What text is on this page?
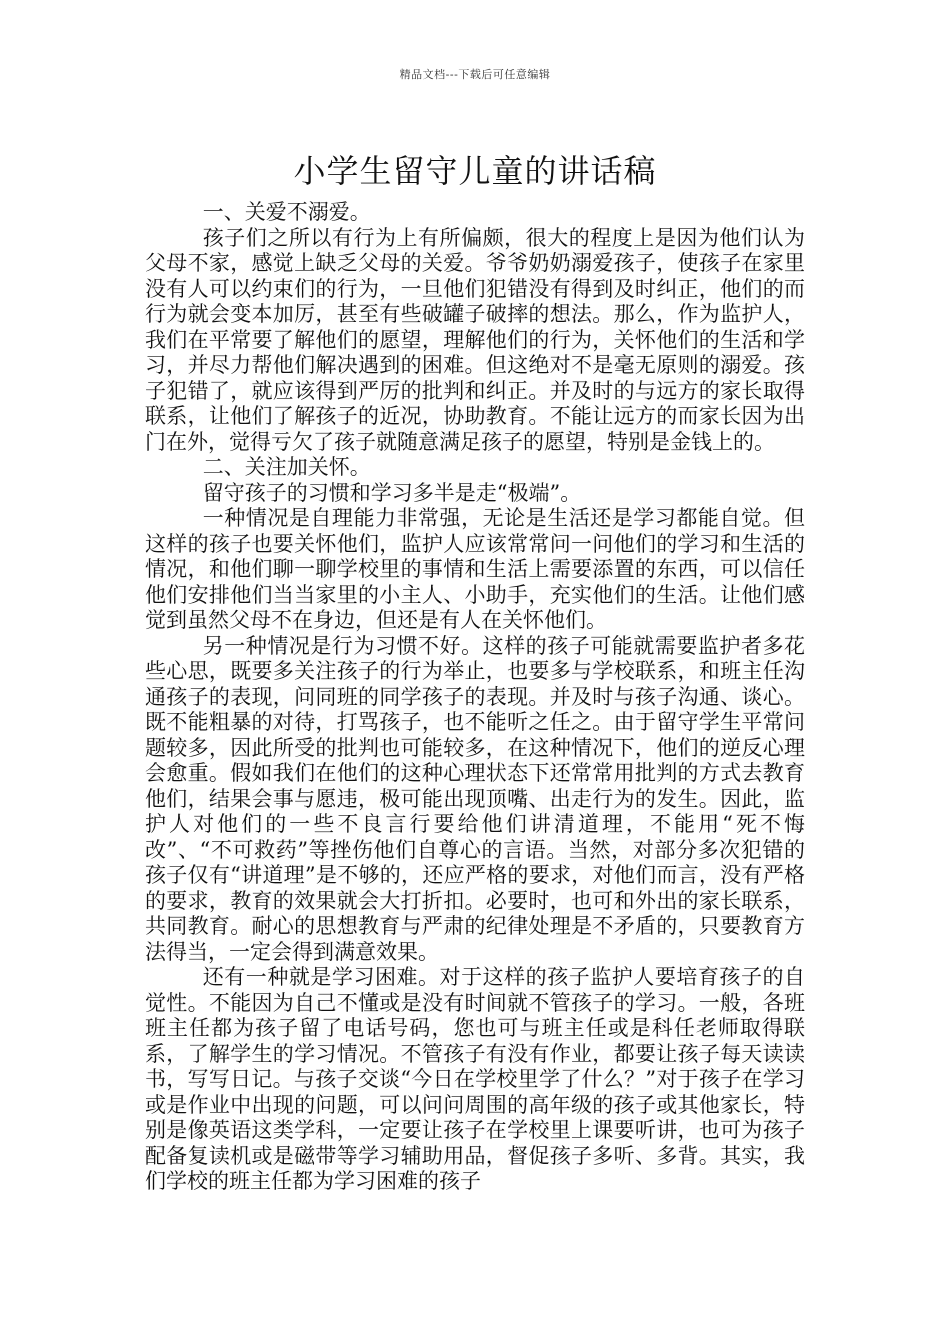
精品文档---下载后可任意编辑
小学生留守儿童的讲话稿

一、关爱不溺爱。

孩子们之所以有行为上有所偏颇，很大的程度上是因为他们认为父母不家，感觉上缺乏父母的关爱。爷爷奶奶溺爱孩子，使孩子在家里没有人可以约束们的行为，一旦他们犯错没有得到及时纠正，他们的而行为就会变本加厉，甚至有些破罐子破摔的想法。那么，作为监护人，我们在平常要了解他们的愿望，理解他们的行为，关怀他们的生活和学习，并尽力帮他们解决遇到的困难。但这绝对不是毫无原则的溺爱。孩子犯错了，就应该得到严厉的批判和纠正。并及时的与远方的家长取得联系，让他们了解孩子的近况，协助教育。不能让远方的而家长因为出门在外，觉得亏欠了孩子就随意满足孩子的愿望，特别是金钱上的。

二、关注加关怀。

留守孩子的习惯和学习多半是走“极端”。

一种情况是自理能力非常强，无论是生活还是学习都能自觉。但这样的孩子也要关怀他们，监护人应该常常问一问他们的学习和生活的情况，和他们聊一聊学校里的事情和生活上需要添置的东西，可以信任他们安排他们当当家里的小主人、小助手，充实他们的生活。让他们感觉到虽然父母不在身边，但还是有人在关怀他们。

另一种情况是行为习惯不好。这样的孩子可能就需要监护者多花些心思，既要多关注孩子的行为举止，也要多与学校联系，和班主任沟通孩子的表现，问同班的同学孩子的表现。并及时与孩子沟通、谈心。既不能粗暴的对待，打骂孩子，也不能听之任之。由于留守学生平常问题较多，因此所受的批判也可能较多，在这种情况下，他们的逆反心理会愈重。假如我们在他们的这种心理状态下还常常用批判的方式去教育他们，结果会事与愿违，极可能出现顶嘴、出走行为的发生。因此，监护人对他们的一些不良言行要给他们讲清道理，不能用“死不悔改”、“不可救药”等挫伤他们自尊心的言语。当然，对部分多次犯错的孩子仅有“讲道理”是不够的，还应严格的要求，对他们而言，没有严格的要求，教育的效果就会大打折扣。必要时，也可和外出的家长联系，共同教育。耐心的思想教育与严肃的纪律处理是不矛盾的，只要教育方法得当，一定会得到满意效果。

还有一种就是学习困难。对于这样的孩子监护人要培育孩子的自觉性。不能因为自己不懂或是没有时间就不管孩子的学习。一般，各班班主任都为孩子留了电话号码，您也可与班主任或是科任老师取得联系，了解学生的学习情况。不管孩子有没有作业，都要让孩子每天读读书，写写日记。与孩子交谈“今日在学校里学了什么？”对于孩子在学习或是作业中出现的问题，可以问问周围的高年级的孩子或其他家长，特别是像英语这类学科，一定要让孩子在学校里上课要听讲，也可为孩子配备复读机或是磁带等学习辅助用品，督促孩子多听、多背。其实，我们学校的班主任都为学习困难的孩子
